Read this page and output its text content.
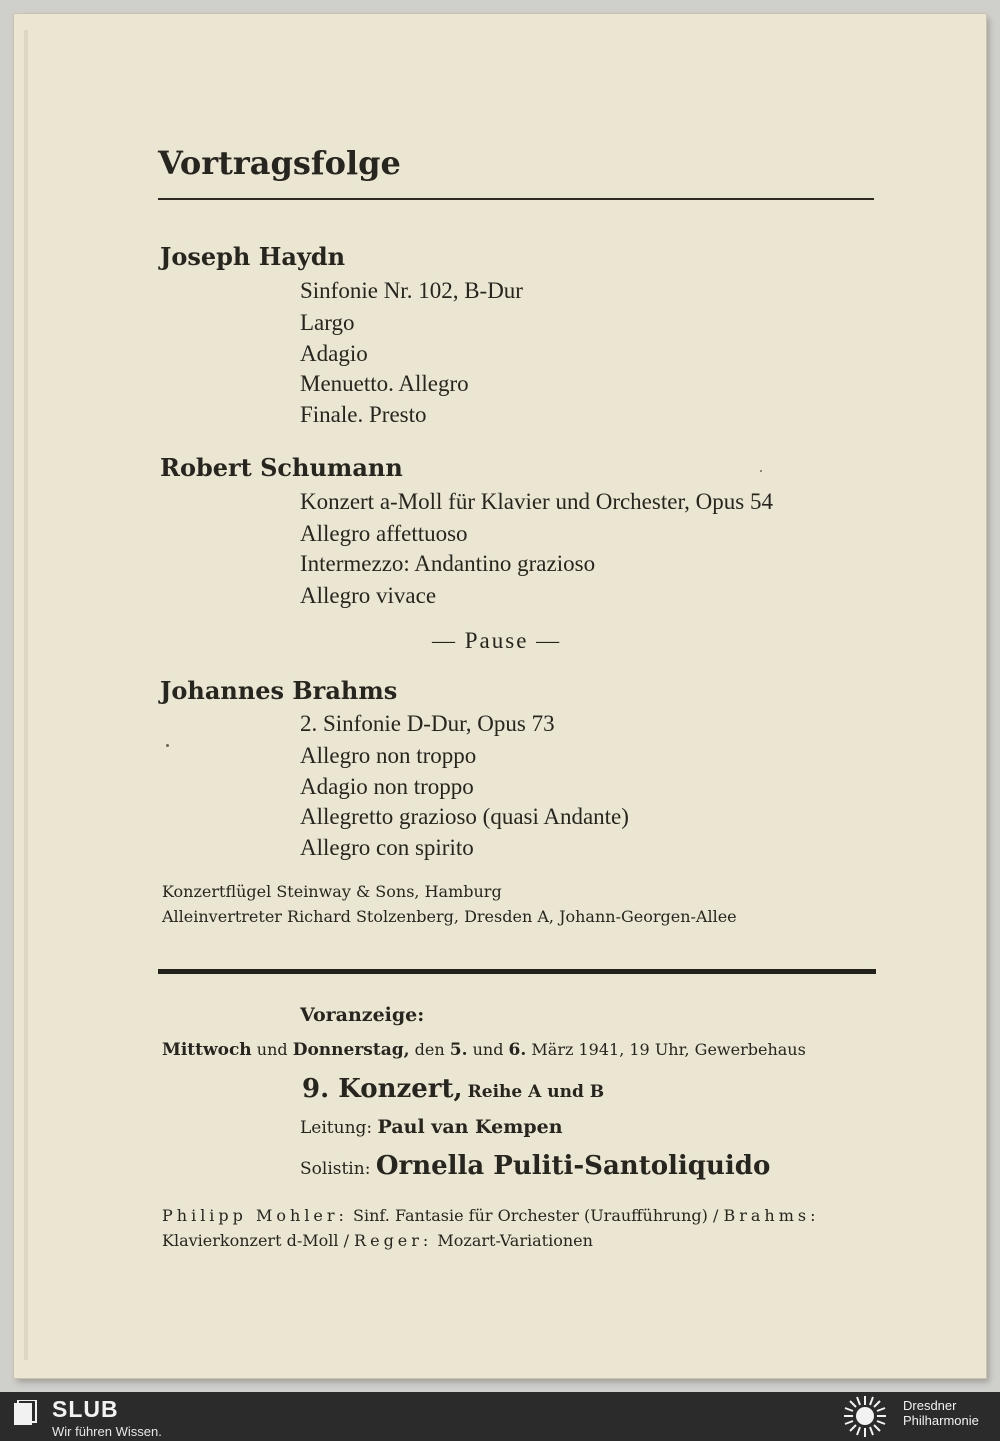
Vortragsfolge
Joseph Haydn
Sinfonie Nr. 102, B-Dur
Largo
Adagio
Menuetto. Allegro
Finale. Presto
Robert Schumann
Konzert a-Moll für Klavier und Orchester, Opus 54
Allegro affettuoso
Intermezzo: Andantino grazioso
Allegro vivace
— Pause —
Johannes Brahms
2. Sinfonie D-Dur, Opus 73
Allegro non troppo
Adagio non troppo
Allegretto grazioso (quasi Andante)
Allegro con spirito
Konzertflügel Steinway & Sons, Hamburg
Alleinvertreter Richard Stolzenberg, Dresden A, Johann-Georgen-Allee
Voranzeige:
Mittwoch und Donnerstag, den 5. und 6. März 1941, 19 Uhr, Gewerbehaus
9. Konzert, Reihe A und B
Leitung: Paul van Kempen
Solistin: Ornella Puliti-Santoliquido
Philipp Mohler: Sinf. Fantasie für Orchester (Uraufführung) / Brahms:
Klavierkonzert d-Moll / Reger: Mozart-Variationen
SLUB
Wir führen Wissen.
Dresdner
Philharmonie
